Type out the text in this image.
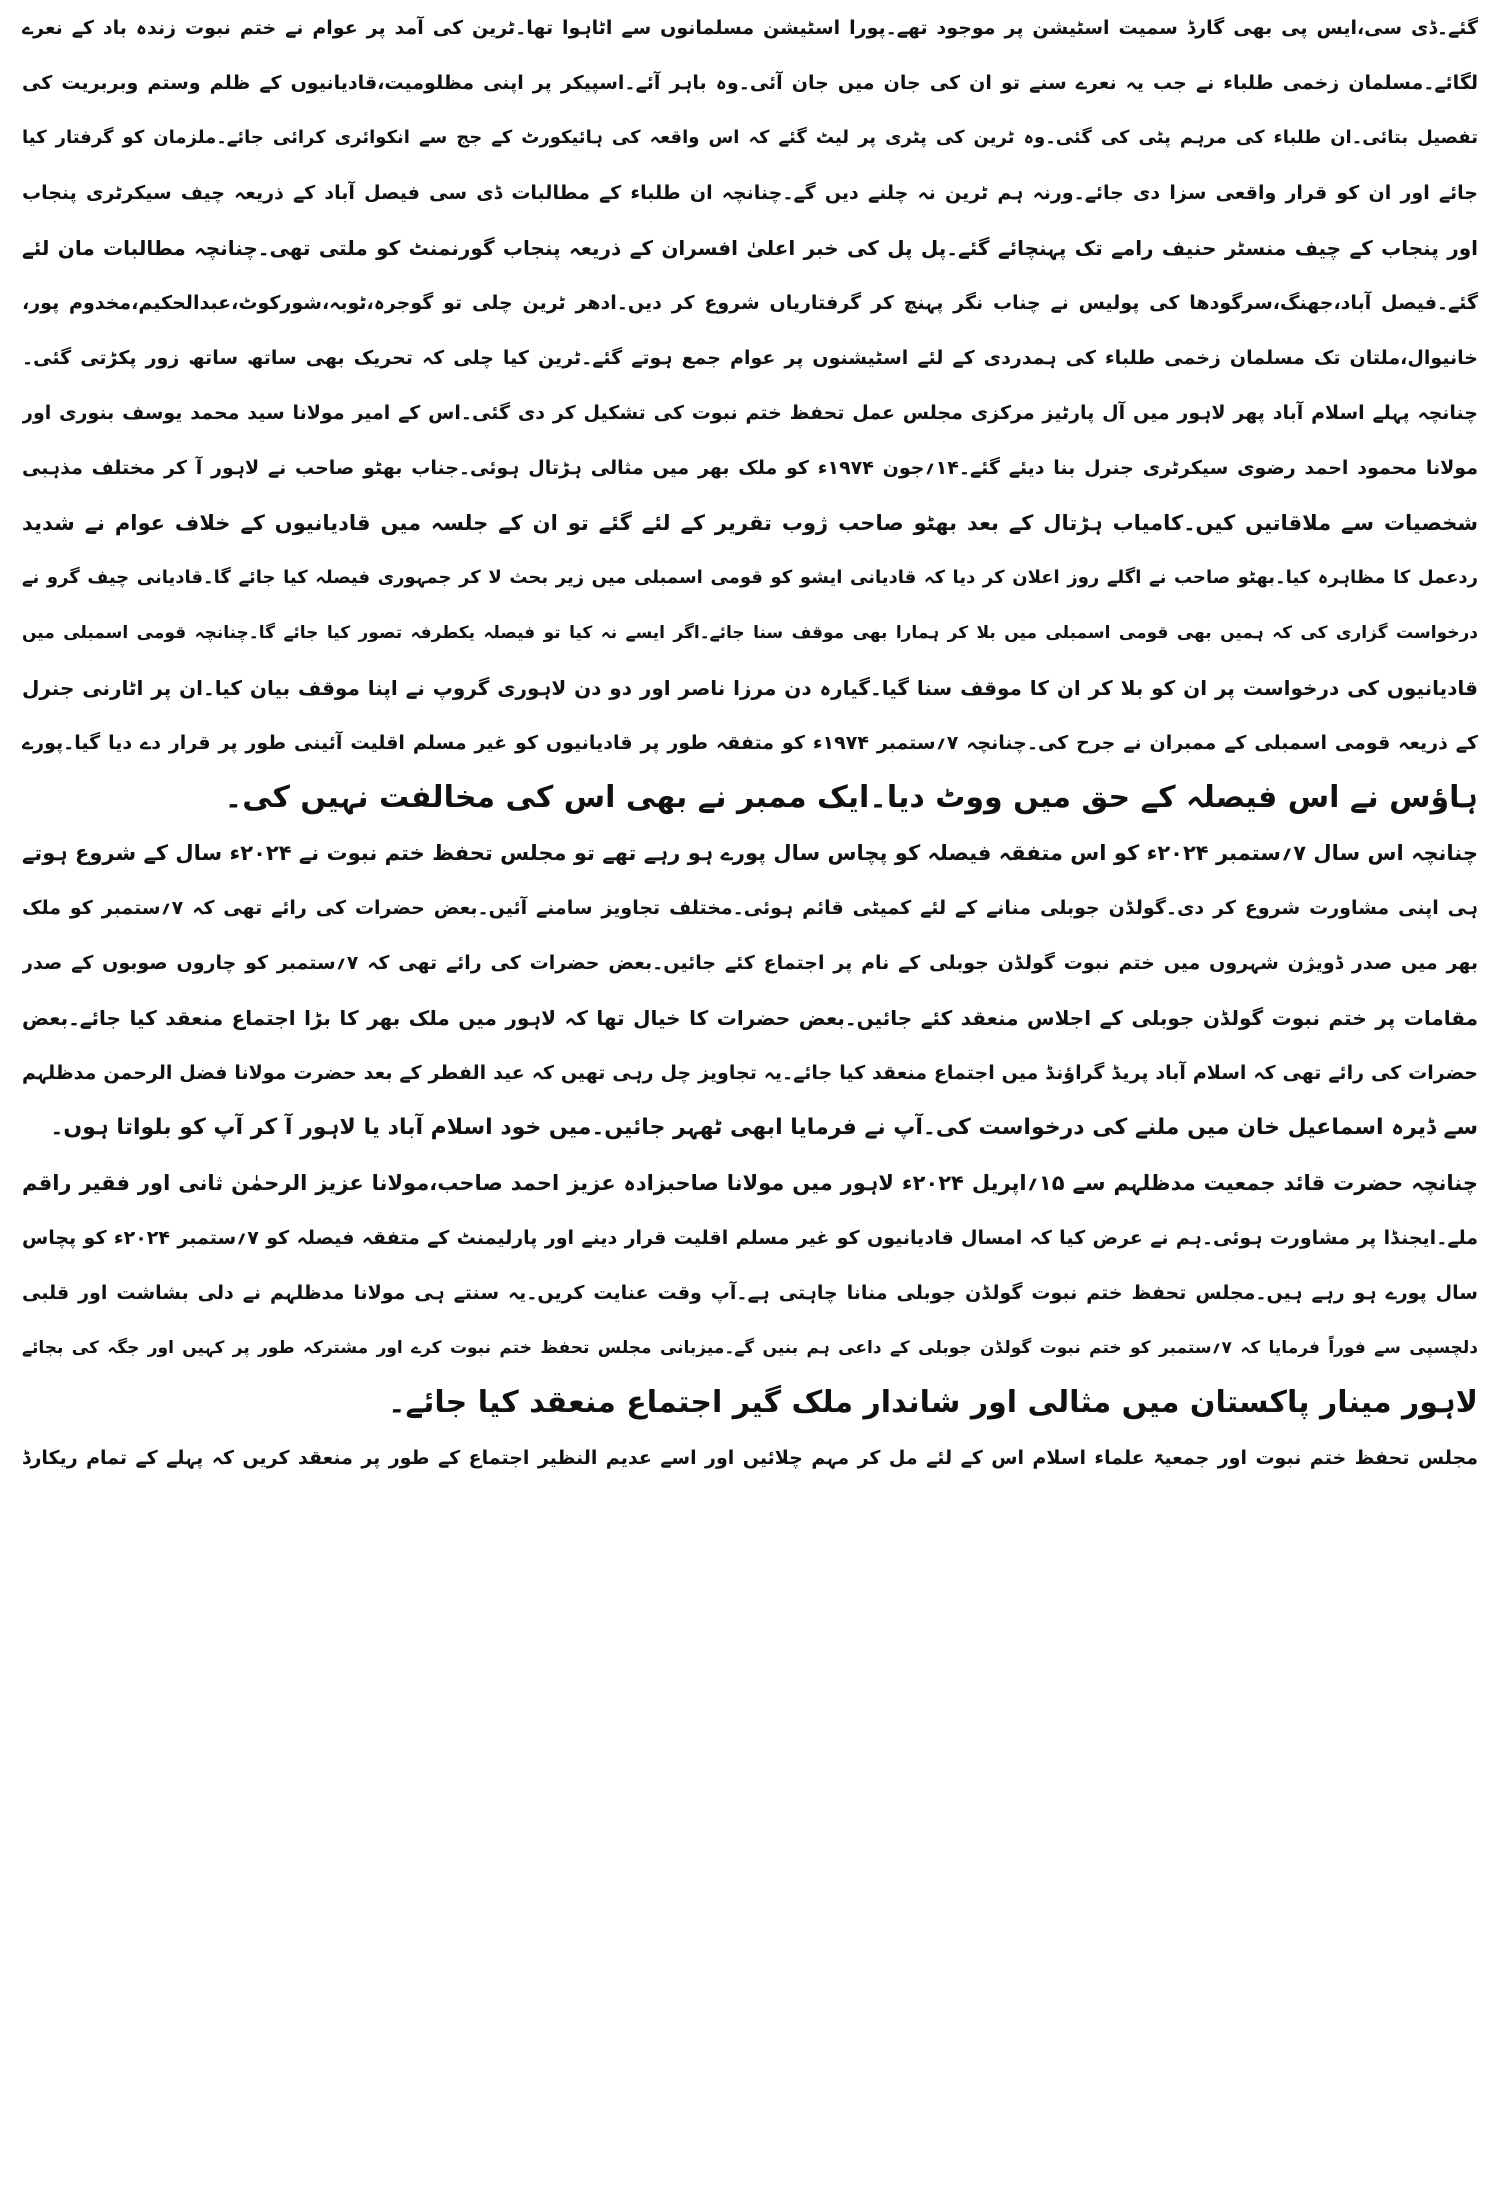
گئے۔ڈی سی،ایس پی بھی گارڈ سمیت اسٹیشن پر موجود تھے۔پورا اسٹیشن مسلمانوں سے اٹاہوا تھا۔ٹرین کی آمد پر عوام نے ختم نبوت زندہ باد کے نعرے
لگائے۔مسلمان زخمی طلباء نے جب یہ نعرے سنے تو ان کی جان میں جان آئی۔وہ باہر آئے۔اسپیکر پر اپنی مظلومیت،قادیانیوں کے ظلم وستم وبربریت کی
تفصیل بتائی۔ان طلباء کی مرہم پٹی کی گئی۔وہ ٹرین کی پٹری پر لیٹ گئے کہ اس واقعہ کی ہائیکورٹ کے جج سے انکوائری کرائی جائے۔ملزمان کو گرفتار کیا
جائے اور ان کو قرار واقعی سزا دی جائے۔ورنہ ہم ٹرین نہ چلنے دیں گے۔چنانچہ ان طلباء کے مطالبات ڈی سی فیصل آباد کے ذریعہ چیف سیکرٹری پنجاب
اور پنجاب کے چیف منسٹر حنیف رامے تک پہنچائے گئے۔پل پل کی خبر اعلیٰ افسران کے ذریعہ پنجاب گورنمنٹ کو ملتی تھی۔چنانچہ مطالبات مان لئے
گئے۔فیصل آباد،جھنگ،سرگودھا کی پولیس نے چناب نگر پہنچ کر گرفتاریاں شروع کر دیں۔ادھر ٹرین چلی تو گوجرہ،ٹوبہ،شورکوٹ،عبدالحکیم،مخدوم پور،
خانیوال،ملتان تک مسلمان زخمی طلباء کی ہمدردی کے لئے اسٹیشنوں پر عوام جمع ہوتے گئے۔ٹرین کیا چلی کہ تحریک بھی ساتھ ساتھ زور پکڑتی گئی۔
چنانچہ پہلے اسلام آباد پھر لاہور میں آل پارٹیز مرکزی مجلس عمل تحفظ ختم نبوت کی تشکیل کر دی گئی۔اس کے امیر مولانا سید محمد یوسف بنوری اور
مولانا محمود احمد رضوی سیکرٹری جنرل بنا دیئے گئے۔۱۴؍جون ۱۹۷۴ء کو ملک بھر میں مثالی ہڑتال ہوئی۔جناب بھٹو صاحب نے لاہور آ کر مختلف مذہبی
شخصیات سے ملاقاتیں کیں۔کامیاب ہڑتال کے بعد بھٹو صاحب ژوب تقریر کے لئے گئے تو ان کے جلسہ میں قادیانیوں کے خلاف عوام نے شدید
ردعمل کا مظاہرہ کیا۔بھٹو صاحب نے اگلے روز اعلان کر دیا کہ قادیانی ایشو کو قومی اسمبلی میں زیر بحث لا کر جمہوری فیصلہ کیا جائے گا۔قادیانی چیف گرو نے
درخواست گزاری کی کہ ہمیں بھی قومی اسمبلی میں بلا کر ہمارا بھی موقف سنا جائے۔اگر ایسے نہ کیا تو فیصلہ یکطرفہ تصور کیا جائے گا۔چنانچہ قومی اسمبلی میں
قادیانیوں کی درخواست پر ان کو بلا کر ان کا موقف سنا گیا۔گیارہ دن مرزا ناصر اور دو دن لاہوری گروپ نے اپنا موقف بیان کیا۔ان پر اٹارنی جنرل
کے ذریعہ قومی اسمبلی کے ممبران نے جرح کی۔چنانچہ ۷؍ستمبر ۱۹۷۴ء کو متفقہ طور پر قادیانیوں کو غیر مسلم اقلیت آئینی طور پر قرار دے دیا گیا۔پورے
ہاؤس نے اس فیصلہ کے حق میں ووٹ دیا۔ایک ممبر نے بھی اس کی مخالفت نہیں کی۔
چنانچہ اس سال ۷؍ستمبر ۲۰۲۴ء کو اس متفقہ فیصلہ کو پچاس سال پورے ہو رہے تھے تو مجلس تحفظ ختم نبوت نے ۲۰۲۴ء سال کے شروع ہوتے
ہی اپنی مشاورت شروع کر دی۔گولڈن جوبلی منانے کے لئے کمیٹی قائم ہوئی۔مختلف تجاویز سامنے آئیں۔بعض حضرات کی رائے تھی کہ ۷؍ستمبر کو ملک
بھر میں صدر ڈویژن شہروں میں ختم نبوت گولڈن جوبلی کے نام پر اجتماع کئے جائیں۔بعض حضرات کی رائے تھی کہ ۷؍ستمبر کو چاروں صوبوں کے صدر
مقامات پر ختم نبوت گولڈن جوبلی کے اجلاس منعقد کئے جائیں۔بعض حضرات کا خیال تھا کہ لاہور میں ملک بھر کا بڑا اجتماع منعقد کیا جائے۔بعض
حضرات کی رائے تھی کہ اسلام آباد پریڈ گراؤنڈ میں اجتماع منعقد کیا جائے۔یہ تجاویز چل رہی تھیں کہ عید الفطر کے بعد حضرت مولانا فضل الرحمن مدظلہم
سے ڈیرہ اسماعیل خان میں ملنے کی درخواست کی۔آپ نے فرمایا ابھی ٹھہر جائیں۔میں خود اسلام آباد یا لاہور آ کر آپ کو بلواتا ہوں۔
چنانچہ حضرت قائد جمعیت مدظلہم سے ۱۵؍اپریل ۲۰۲۴ء لاہور میں مولانا صاحبزادہ عزیز احمد صاحب،مولانا عزیز الرحمٰن ثانی اور فقیر راقم
ملے۔ایجنڈا پر مشاورت ہوئی۔ہم نے عرض کیا کہ امسال قادیانیوں کو غیر مسلم اقلیت قرار دینے اور پارلیمنٹ کے متفقہ فیصلہ کو ۷؍ستمبر ۲۰۲۴ء کو پچاس
سال پورے ہو رہے ہیں۔مجلس تحفظ ختم نبوت گولڈن جوبلی منانا چاہتی ہے۔آپ وقت عنایت کریں۔یہ سنتے ہی مولانا مدظلہم نے دلی بشاشت اور قلبی
دلچسپی سے فوراً فرمایا کہ ۷؍ستمبر کو ختم نبوت گولڈن جوبلی کے داعی ہم بنیں گے۔میزبانی مجلس تحفظ ختم نبوت کرے اور مشترکہ طور پر کہیں اور جگہ کی بجائے
لاہور مینار پاکستان میں مثالی اور شاندار ملک گیر اجتماع منعقد کیا جائے۔
مجلس تحفظ ختم نبوت اور جمعیۃ علماء اسلام اس کے لئے مل کر مہم چلائیں اور اسے عدیم النظیر اجتماع کے طور پر منعقد کریں کہ پہلے کے تمام ریکارڈ
